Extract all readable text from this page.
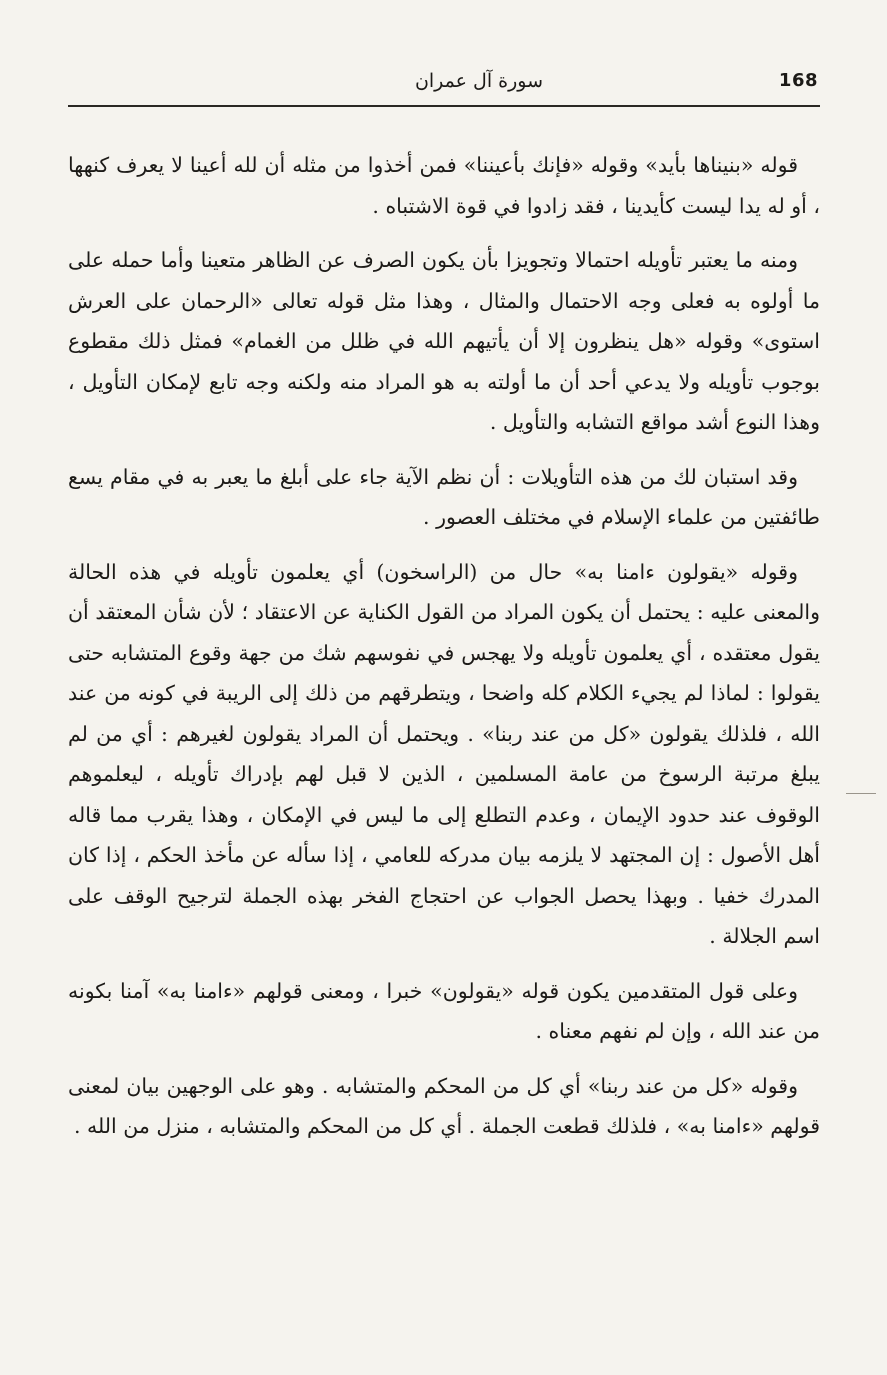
168
سورة آل عمران

قوله «بنيناها بأيد» وقوله «فإنك بأعيننا» فمن أخذوا من مثله أن لله أعينا لا يعرف كنهها ، أو له يدا ليست كأيدينا ، فقد زادوا في قوة الاشتباه .

ومنه ما يعتبر تأويله احتمالا وتجويزا بأن يكون الصرف عن الظاهر متعينا وأما حمله على ما أولوه به فعلى وجه الاحتمال والمثال ، وهذا مثل قوله تعالى «الرحمان على العرش استوى» وقوله «هل ينظرون إلا أن يأتيهم الله في ظلل من الغمام» فمثل ذلك مقطوع بوجوب تأويله ولا يدعي أحد أن ما أولته به هو المراد منه ولكنه وجه تابع لإمكان التأويل ، وهذا النوع أشد مواقع التشابه والتأويل .

وقد استبان لك من هذه التأويلات : أن نظم الآية جاء على أبلغ ما يعبر به في مقام يسع طائفتين من علماء الإسلام في مختلف العصور .

وقوله «يقولون ءامنا به» حال من (الراسخون) أي يعلمون تأويله في هذه الحالة والمعنى عليه : يحتمل أن يكون المراد من القول الكناية عن الاعتقاد ؛ لأن شأن المعتقد أن يقول معتقده ، أي يعلمون تأويله ولا يهجس في نفوسهم شك من جهة وقوع المتشابه حتى يقولوا : لماذا لم يجيء الكلام كله واضحا ، ويتطرقهم من ذلك إلى الريبة في كونه من عند الله ، فلذلك يقولون «كل من عند ربنا» . ويحتمل أن المراد يقولون لغيرهم : أي من لم يبلغ مرتبة الرسوخ من عامة المسلمين ، الذين لا قبل لهم بإدراك تأويله ، ليعلموهم الوقوف عند حدود الإيمان ، وعدم التطلع إلى ما ليس في الإمكان ، وهذا يقرب مما قاله أهل الأصول : إن المجتهد لا يلزمه بيان مدركه للعامي ، إذا سأله عن مأخذ الحكم ، إذا كان المدرك خفيا . وبهذا يحصل الجواب عن احتجاج الفخر بهذه الجملة لترجيح الوقف على اسم الجلالة .

وعلى قول المتقدمين يكون قوله «يقولون» خبرا ، ومعنى قولهم «ءامنا به» آمنا بكونه من عند الله ، وإن لم نفهم معناه .

وقوله «كل من عند ربنا» أي كل من المحكم والمتشابه . وهو على الوجهين بيان لمعنى قولهم «ءامنا به» ، فلذلك قطعت الجملة . أي كل من المحكم والمتشابه ، منزل من الله .
